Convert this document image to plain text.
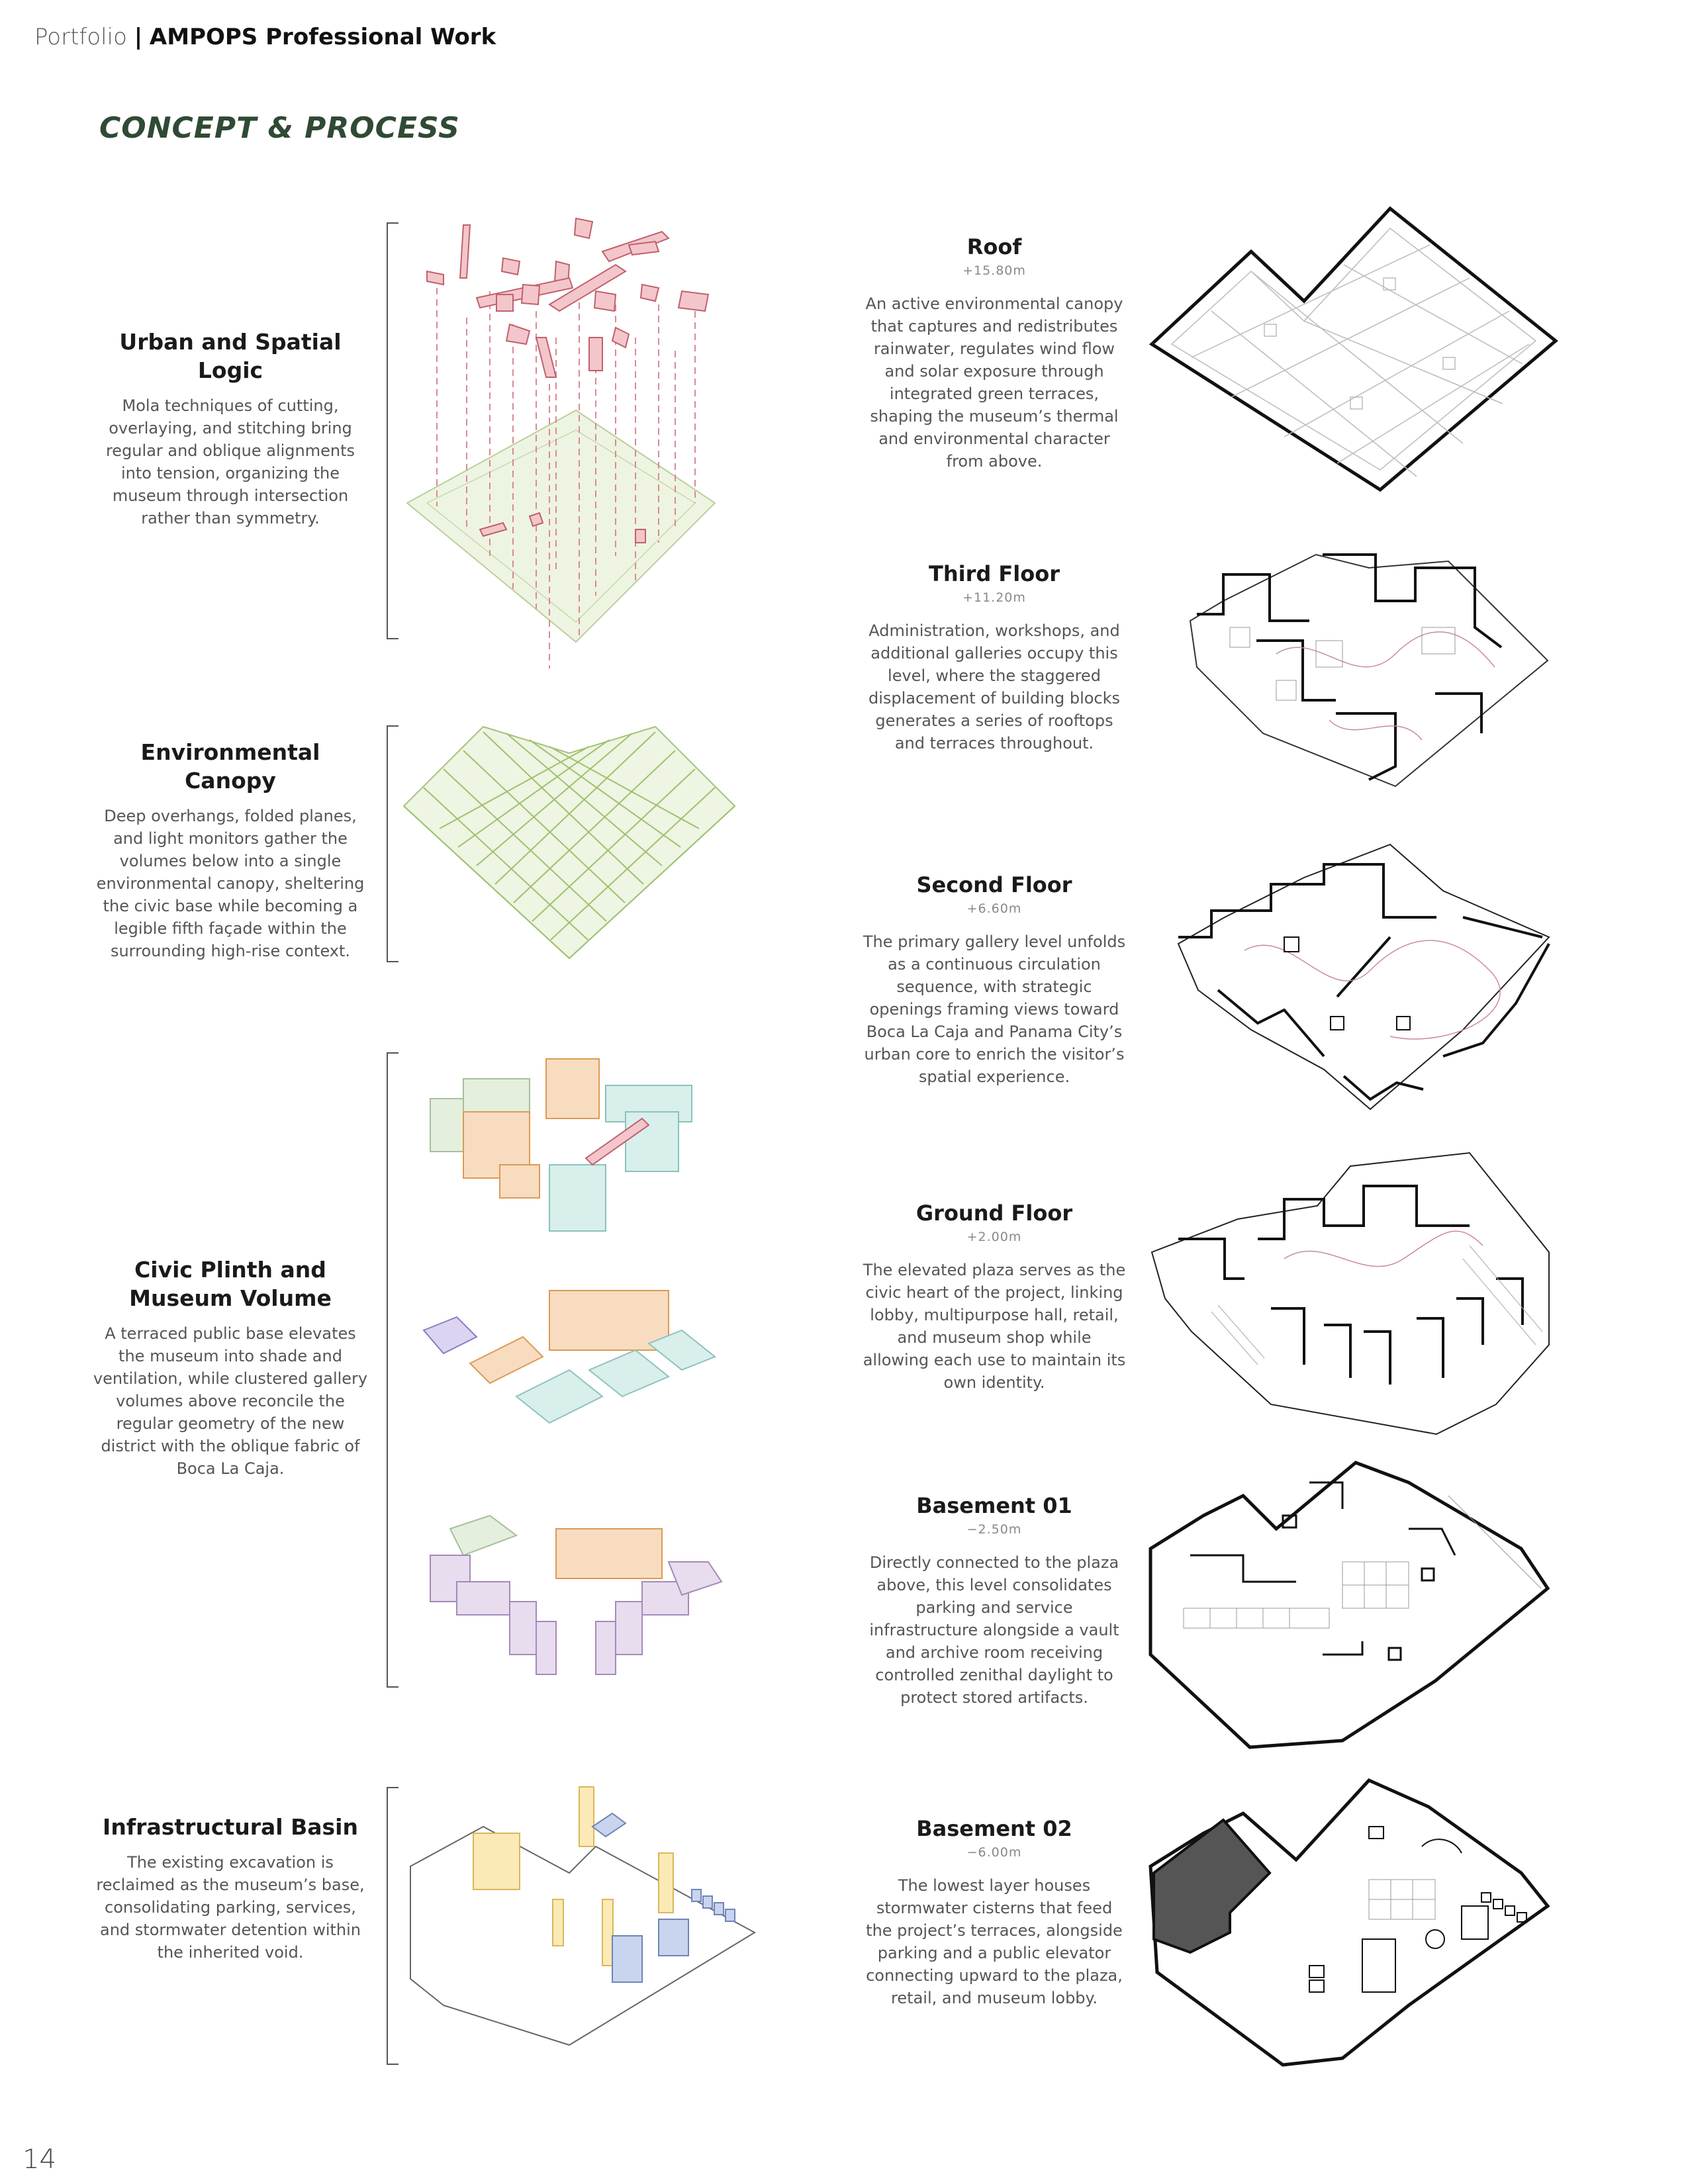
Portfolio | AMPOPS Professional Work
CONCEPT & PROCESS
Urban and Spatial Logic

Mola techniques of cutting, overlaying, and stitching bring regular and oblique alignments into tension, organizing the museum through intersection rather than symmetry.

Environmental Canopy

Deep overhangs, folded planes, and light monitors gather the volumes below into a single environmental canopy, sheltering the civic base while becoming a legible fifth façade within the surrounding high-rise context.

Civic Plinth and Museum Volume

A terraced public base elevates the museum into shade and ventilation, while clustered gallery volumes above reconcile the regular geometry of the new district with the oblique fabric of Boca La Caja.

Infrastructural Basin

The existing excavation is reclaimed as the museum’s base, consolidating parking, services, and stormwater detention within the inherited void.

Roof
+15.80m

An active environmental canopy that captures and redistributes rainwater, regulates wind flow and solar exposure through integrated green terraces, shaping the museum’s thermal and environmental character from above.

Third Floor
+11.20m

Administration, workshops, and additional galleries occupy this level, where the staggered displacement of building blocks generates a series of rooftops and terraces throughout.

Second Floor
+6.60m

The primary gallery level unfolds as a continuous circulation sequence, with strategic openings framing views toward Boca La Caja and Panama City’s urban core to enrich the visitor’s spatial experience.

Ground Floor
+2.00m

The elevated plaza serves as the civic heart of the project, linking lobby, multipurpose hall, retail, and museum shop while allowing each use to maintain its own identity.

Basement 01
−2.50m

Directly connected to the plaza above, this level consolidates parking and service infrastructure alongside a vault and archive room receiving controlled zenithal daylight to protect stored artifacts.

Basement 02
−6.00m

The lowest layer houses stormwater cisterns that feed the project’s terraces, alongside parking and a public elevator connecting upward to the plaza, retail, and museum lobby.

14
